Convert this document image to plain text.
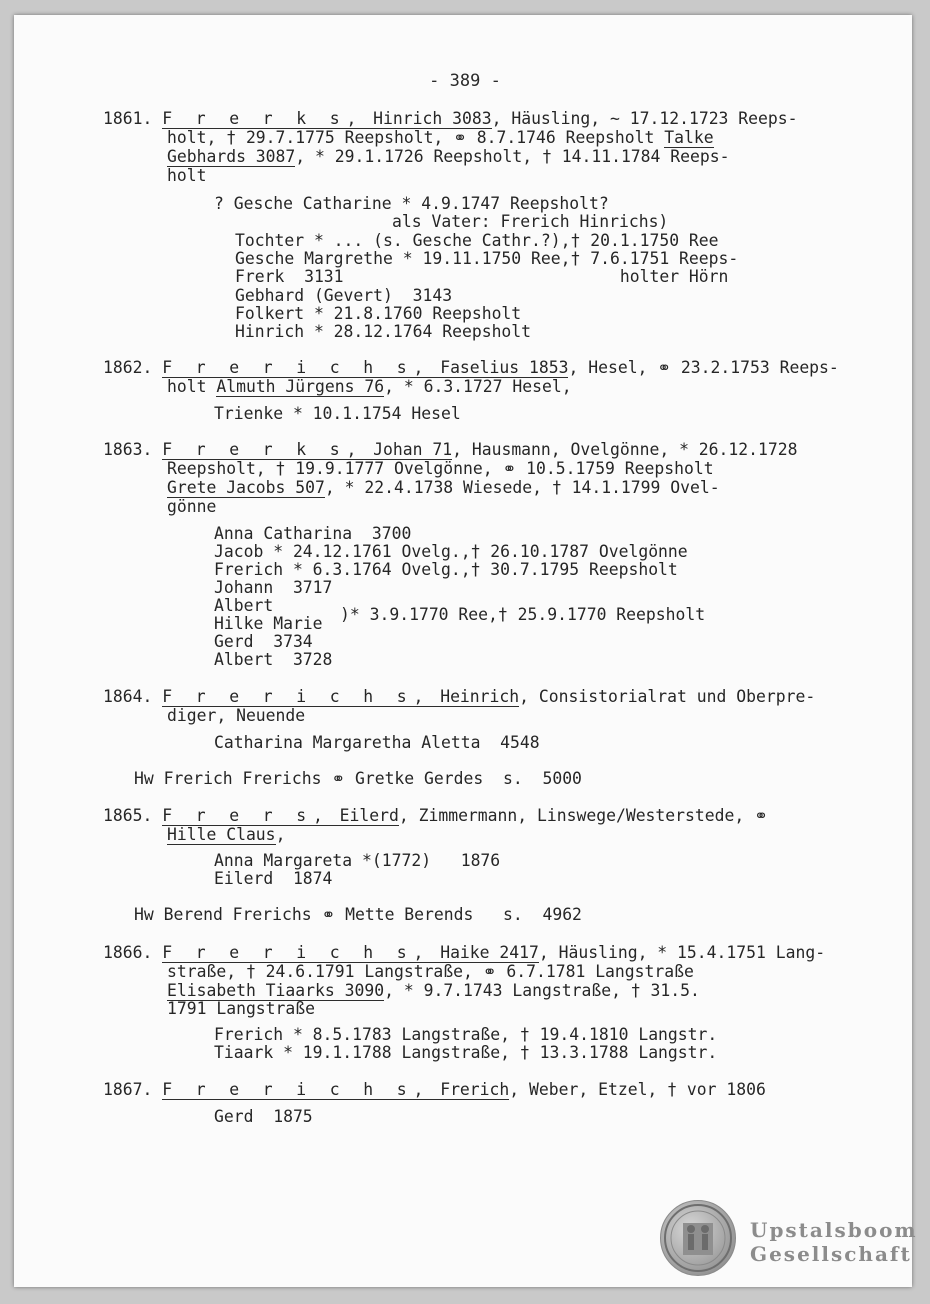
- 389 -
1861. F r e r k s, Hinrich 3083, Häusling, ~ 17.12.1723 Reeps-
holt, † 29.7.1775 Reepsholt, ⚭ 8.7.1746 Reepsholt Talke
Gebhards 3087, * 29.1.1726 Reepsholt, † 14.11.1784 Reeps-
holt
? Gesche Catharine * 4.9.1747 Reepsholt?
als Vater: Frerich Hinrichs)
Tochter * ... (s. Gesche Cathr.?),† 20.1.1750 Ree
Gesche Margrethe * 19.11.1750 Ree,† 7.6.1751 Reeps-
Frerk  3131                            holter Hörn
Gebhard (Gevert)  3143
Folkert * 21.8.1760 Reepsholt
Hinrich * 28.12.1764 Reepsholt
1862. F r e r i c h s, Faselius 1853, Hesel, ⚭ 23.2.1753 Reeps-
holt Almuth Jürgens 76, * 6.3.1727 Hesel,
Trienke * 10.1.1754 Hesel
1863. F r e r k s, Johan 71, Hausmann, Ovelgönne, * 26.12.1728
Reepsholt, † 19.9.1777 Ovelgönne, ⚭ 10.5.1759 Reepsholt
Grete Jacobs 507, * 22.4.1738 Wiesede, † 14.1.1799 Ovel-
gönne
Anna Catharina  3700
Jacob * 24.12.1761 Ovelg.,† 26.10.1787 Ovelgönne
Frerich * 6.3.1764 Ovelg.,† 30.7.1795 Reepsholt
Johann  3717
Albert
Hilke Marie )* 3.9.1770 Ree,† 25.9.1770 Reepsholt
Gerd  3734
Albert  3728
1864. F r e r i c h s, Heinrich, Consistorialrat und Oberpre-
diger, Neuende
Catharina Margaretha Aletta  4548
Hw Frerich Frerichs ⚭ Gretke Gerdes  s.  5000
1865. F r e r s, Eilerd, Zimmermann, Linswege/Westerstede, ⚭
Hille Claus,
Anna Margareta *(1772)   1876
Eilerd  1874
Hw Berend Frerichs ⚭ Mette Berends   s.  4962
1866. F r e r i c h s, Haike 2417, Häusling, * 15.4.1751 Lang-
straße, † 24.6.1791 Langstraße, ⚭ 6.7.1781 Langstraße
Elisabeth Tiaarks 3090, * 9.7.1743 Langstraße, † 31.5.
1791 Langstraße
Frerich * 8.5.1783 Langstraße, † 19.4.1810 Langstr.
Tiaark * 19.1.1788 Langstraße, † 13.3.1788 Langstr.
1867. F r e r i c h s, Frerich, Weber, Etzel, † vor 1806
Gerd  1875
Upstalsboom
Gesellschaft
